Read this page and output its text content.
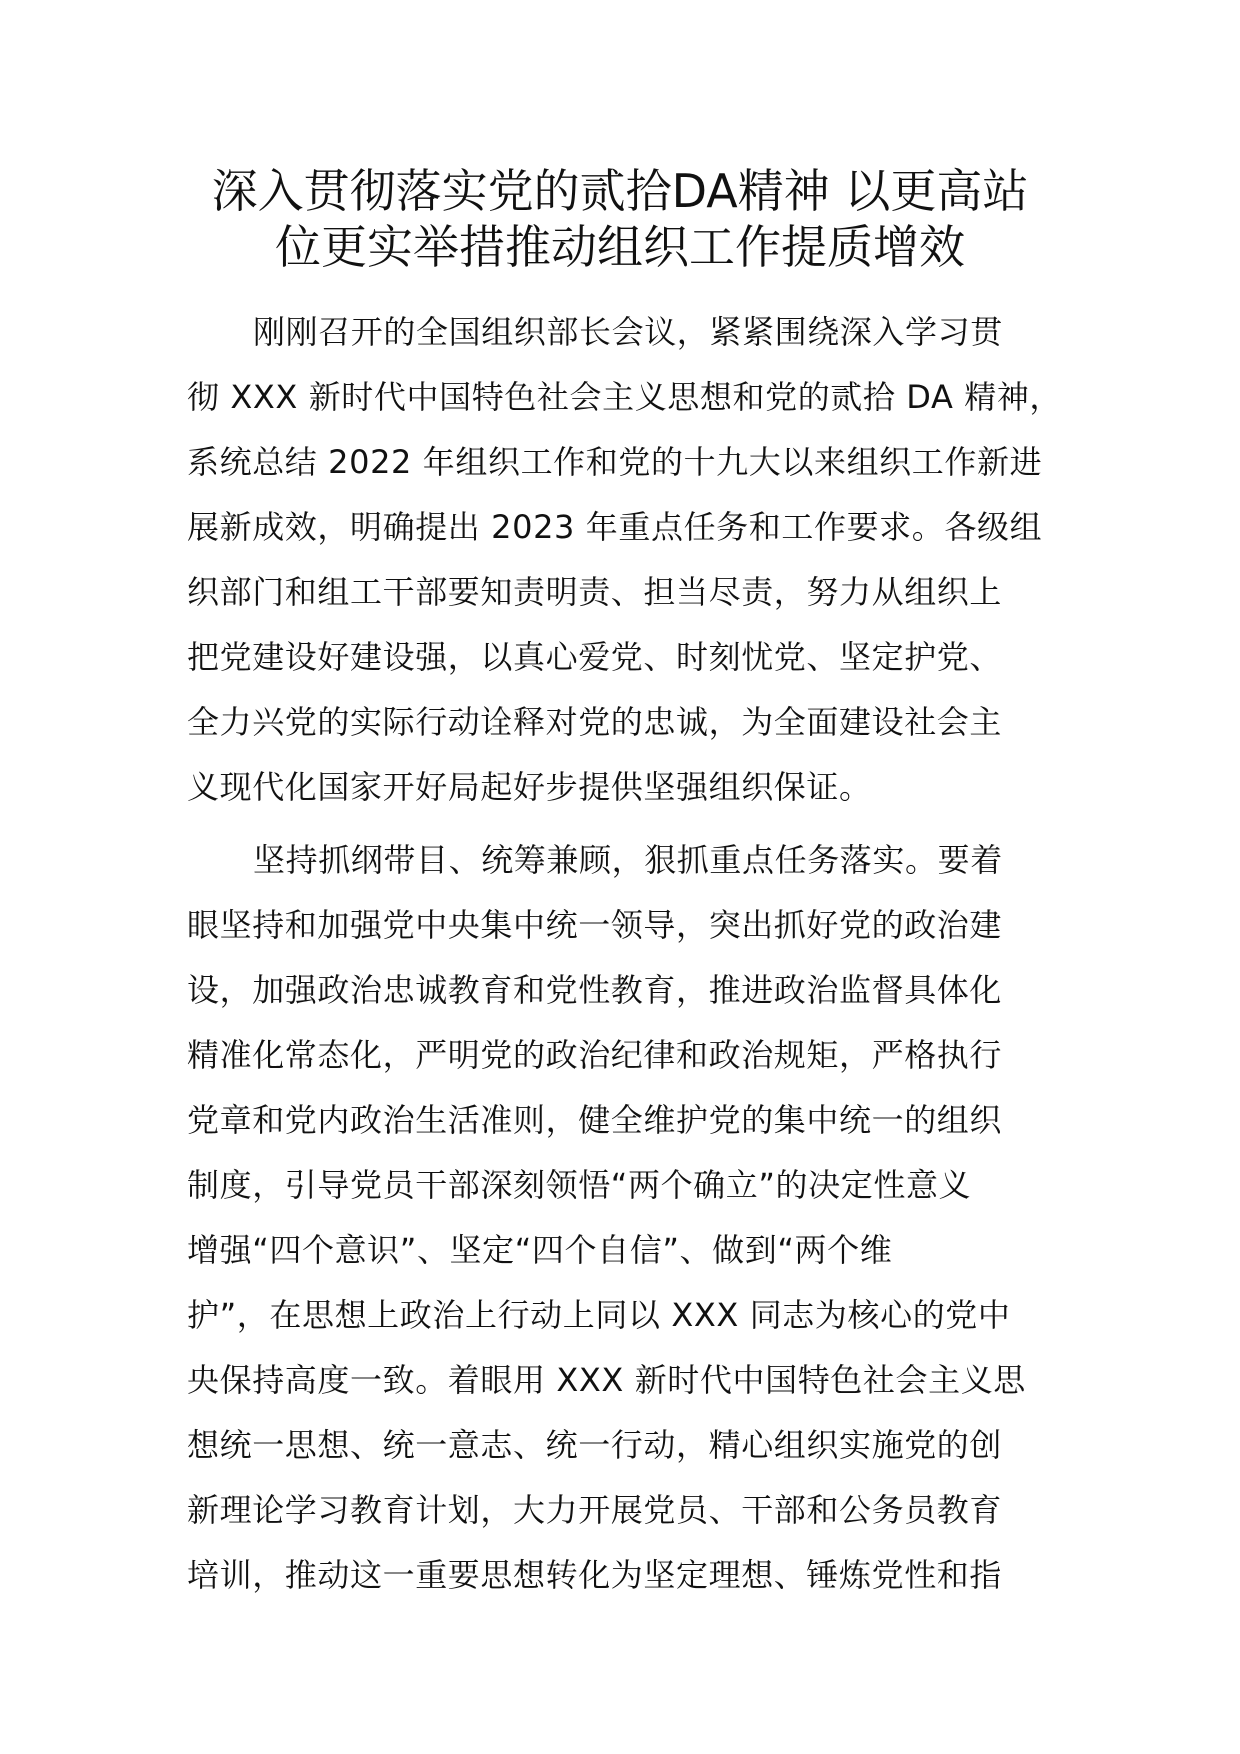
深入贯彻落实党的贰拾DA精神 以更高站
位更实举措推动组织工作提质增效
刚刚召开的全国组织部长会议，紧紧围绕深入学习贯
彻 XXX 新时代中国特色社会主义思想和党的贰拾 DA 精神，
系统总结 2022 年组织工作和党的十九大以来组织工作新进
展新成效，明确提出 2023 年重点任务和工作要求。各级组
织部门和组工干部要知责明责、担当尽责，努力从组织上
把党建设好建设强，以真心爱党、时刻忧党、坚定护党、
全力兴党的实际行动诠释对党的忠诚，为全面建设社会主
义现代化国家开好局起好步提供坚强组织保证。
坚持抓纲带目、统筹兼顾，狠抓重点任务落实。要着
眼坚持和加强党中央集中统一领导，突出抓好党的政治建
设，加强政治忠诚教育和党性教育，推进政治监督具体化
精准化常态化，严明党的政治纪律和政治规矩，严格执行
党章和党内政治生活准则，健全维护党的集中统一的组织
制度，引导党员干部深刻领悟“两个确立”的决定性意义
增强“四个意识”、坚定“四个自信”、做到“两个维
护”，在思想上政治上行动上同以 XXX 同志为核心的党中
央保持高度一致。着眼用 XXX 新时代中国特色社会主义思
想统一思想、统一意志、统一行动，精心组织实施党的创
新理论学习教育计划，大力开展党员、干部和公务员教育
培训，推动这一重要思想转化为坚定理想、锤炼党性和指
